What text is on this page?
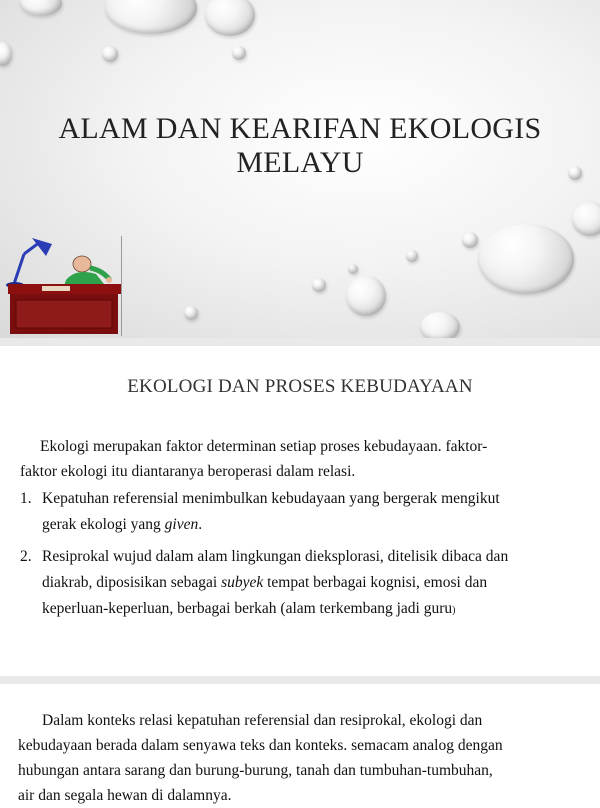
ALAM DAN KEARIFAN EKOLOGIS
MELAYU
EKOLOGI DAN PROSES KEBUDAYAAN
Ekologi merupakan faktor determinan setiap proses kebudayaan. faktor-
faktor ekologi itu diantaranya beroperasi dalam relasi.
1. Kepatuhan referensial menimbulkan kebudayaan yang bergerak mengikut
gerak ekologi yang given.
2. Resiprokal wujud dalam alam lingkungan dieksplorasi, ditelisik dibaca dan
diakrab, diposisikan sebagai subyek tempat berbagai kognisi, emosi dan
keperluan-keperluan, berbagai berkah (alam terkembang jadi guru)
Dalam konteks relasi kepatuhan referensial dan resiprokal, ekologi dan
kebudayaan berada dalam senyawa teks dan konteks. semacam analog dengan
hubungan antara sarang dan burung-burung, tanah dan tumbuhan-tumbuhan,
air dan segala hewan di dalamnya.
